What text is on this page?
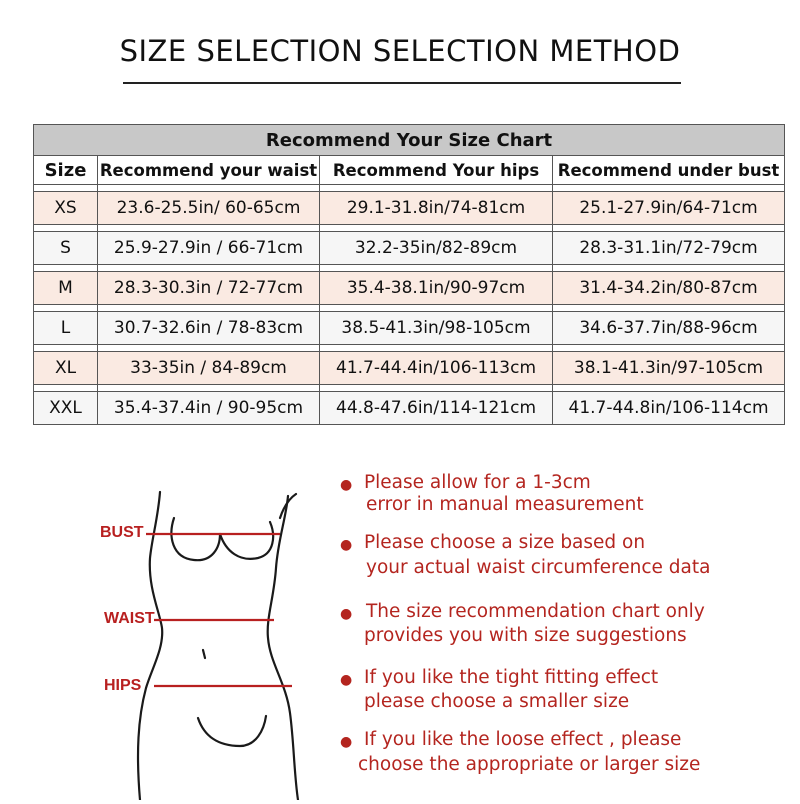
SIZE SELECTION SELECTION METHOD
Recommend Your Size Chart			
Size	Recommend your waist	Recommend Your hips	Recommend under bust

XS	23.6-25.5in/ 60-65cm	29.1-31.8in/74-81cm	25.1-27.9in/64-71cm

S	25.9-27.9in / 66-71cm	32.2-35in/82-89cm	28.3-31.1in/72-79cm

M	28.3-30.3in / 72-77cm	35.4-38.1in/90-97cm	31.4-34.2in/80-87cm

L	30.7-32.6in / 78-83cm	38.5-41.3in/98-105cm	34.6-37.7in/88-96cm

XL	33-35in / 84-89cm	41.7-44.4in/106-113cm	38.1-41.3in/97-105cm

XXL	35.4-37.4in / 90-95cm	44.8-47.6in/114-121cm	41.7-44.8in/106-114cm
BUST
WAIST
HIPS
● Please allow for a 1-3cm
error in manual measurement
● Please choose a size based on
your actual waist circumference data
● The size recommendation chart only
provides you with size suggestions
● If you like the tight fitting effect
please choose a smaller size
● If you like the loose effect , please
choose the appropriate or larger size
